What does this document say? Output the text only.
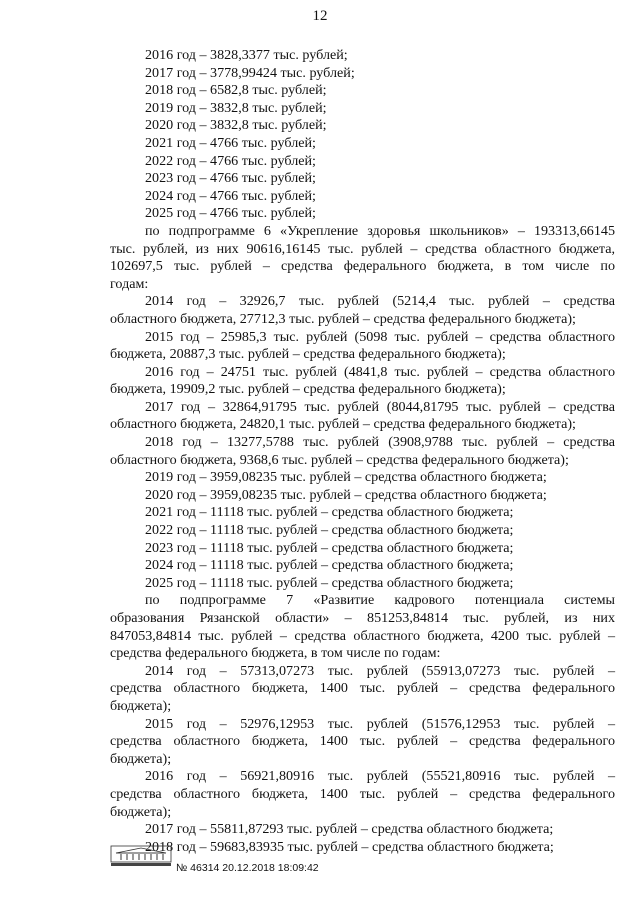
12
2016 год – 3828,3377 тыс. рублей;
2017 год – 3778,99424 тыс. рублей;
2018 год – 6582,8 тыс. рублей;
2019 год – 3832,8 тыс. рублей;
2020 год – 3832,8 тыс. рублей;
2021 год – 4766 тыс. рублей;
2022 год – 4766 тыс. рублей;
2023 год – 4766 тыс. рублей;
2024 год – 4766 тыс. рублей;
2025 год – 4766 тыс. рублей;
по подпрограмме 6 «Укрепление здоровья школьников» – 193313,66145
тыс. рублей, из них 90616,16145 тыс. рублей – средства областного бюджета,
102697,5 тыс. рублей – средства федерального бюджета, в том числе по
годам:
2014 год – 32926,7 тыс. рублей (5214,4 тыс. рублей – средства
областного бюджета, 27712,3 тыс. рублей – средства федерального бюджета);
2015 год – 25985,3 тыс. рублей (5098 тыс. рублей – средства областного
бюджета, 20887,3 тыс. рублей – средства федерального бюджета);
2016 год – 24751 тыс. рублей (4841,8 тыс. рублей – средства областного
бюджета, 19909,2 тыс. рублей – средства федерального бюджета);
2017 год – 32864,91795 тыс. рублей (8044,81795 тыс. рублей – средства
областного бюджета, 24820,1 тыс. рублей – средства федерального бюджета);
2018 год – 13277,5788 тыс. рублей (3908,9788 тыс. рублей – средства
областного бюджета, 9368,6 тыс. рублей – средства федерального бюджета);
2019 год – 3959,08235 тыс. рублей – средства областного бюджета;
2020 год – 3959,08235 тыс. рублей – средства областного бюджета;
2021 год – 11118 тыс. рублей – средства областного бюджета;
2022 год – 11118 тыс. рублей – средства областного бюджета;
2023 год – 11118 тыс. рублей – средства областного бюджета;
2024 год – 11118 тыс. рублей – средства областного бюджета;
2025 год – 11118 тыс. рублей – средства областного бюджета;
по подпрограмме 7 «Развитие кадрового потенциала системы
образования Рязанской области» – 851253,84814 тыс. рублей, из них
847053,84814 тыс. рублей – средства областного бюджета, 4200 тыс. рублей –
средства федерального бюджета, в том числе по годам:
2014 год – 57313,07273 тыс. рублей (55913,07273 тыс. рублей –
средства областного бюджета, 1400 тыс. рублей – средства федерального
бюджета);
2015 год – 52976,12953 тыс. рублей (51576,12953 тыс. рублей –
средства областного бюджета, 1400 тыс. рублей – средства федерального
бюджета);
2016 год – 56921,80916 тыс. рублей (55521,80916 тыс. рублей –
средства областного бюджета, 1400 тыс. рублей – средства федерального
бюджета);
2017 год – 55811,87293 тыс. рублей – средства областного бюджета;
2018 год – 59683,83935 тыс. рублей – средства областного бюджета;
№ 46314 20.12.2018 18:09:42
